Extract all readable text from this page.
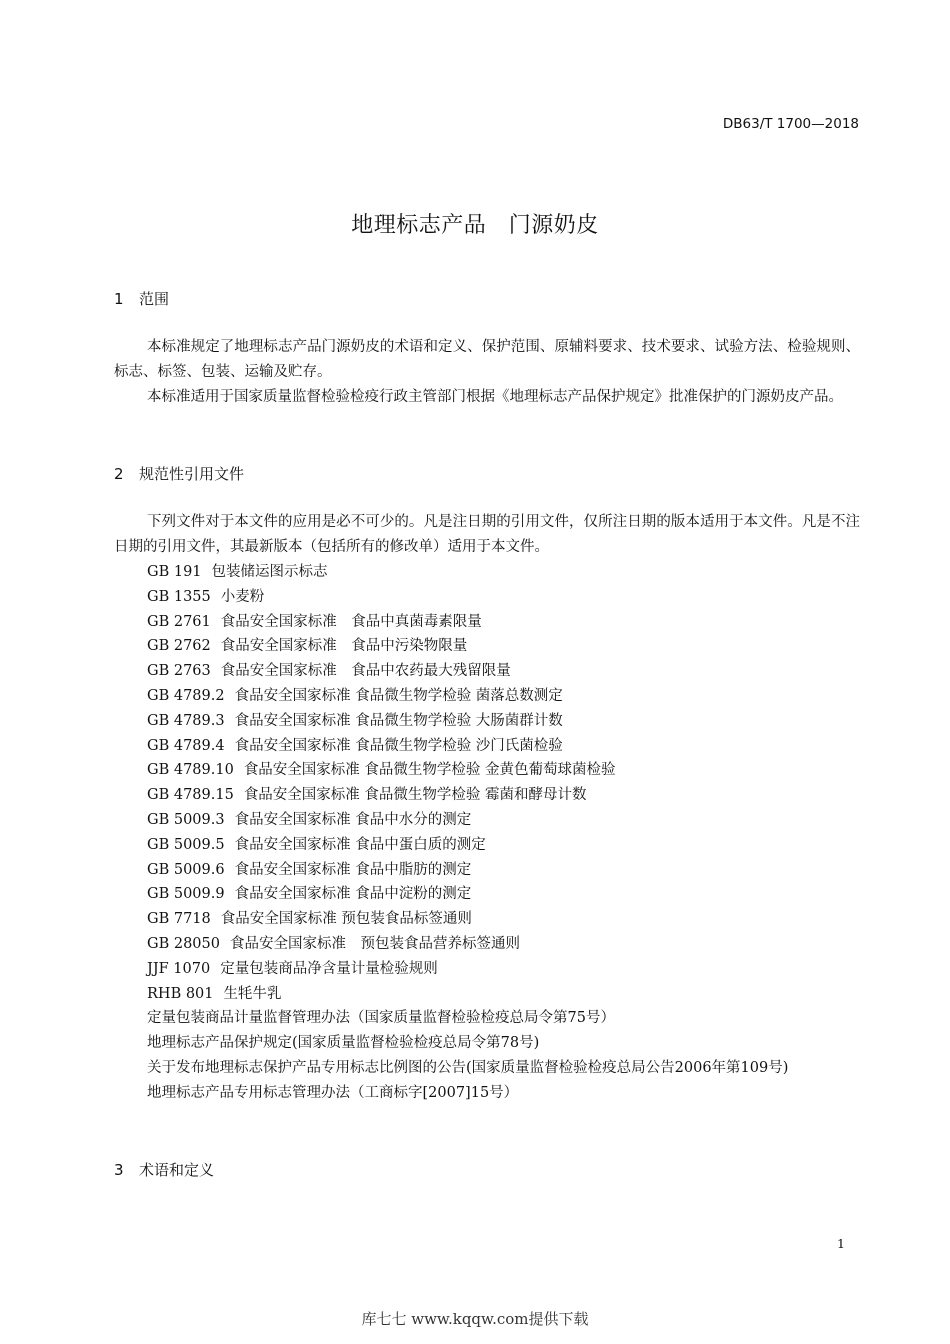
DB63/T 1700—2018
地理标志产品　门源奶皮
1 范围

本标准规定了地理标志产品门源奶皮的术语和定义、保护范围、原辅料要求、技术要求、试验方法、检验规则、标志、标签、包装、运输及贮存。

本标准适用于国家质量监督检验检疫行政主管部门根据《地理标志产品保护规定》批准保护的门源奶皮产品。

2 规范性引用文件

下列文件对于本文件的应用是必不可少的。凡是注日期的引用文件，仅所注日期的版本适用于本文件。凡是不注日期的引用文件，其最新版本（包括所有的修改单）适用于本文件。

GB 191 包装储运图示标志
GB 1355 小麦粉
GB 2761 食品安全国家标准　食品中真菌毒素限量
GB 2762 食品安全国家标准　食品中污染物限量
GB 2763 食品安全国家标准　食品中农药最大残留限量
GB 4789.2 食品安全国家标准 食品微生物学检验 菌落总数测定
GB 4789.3 食品安全国家标准 食品微生物学检验 大肠菌群计数
GB 4789.4 食品安全国家标准 食品微生物学检验 沙门氏菌检验
GB 4789.10 食品安全国家标准 食品微生物学检验 金黄色葡萄球菌检验
GB 4789.15 食品安全国家标准 食品微生物学检验 霉菌和酵母计数
GB 5009.3 食品安全国家标准 食品中水分的测定
GB 5009.5 食品安全国家标准 食品中蛋白质的测定
GB 5009.6 食品安全国家标准 食品中脂肪的测定
GB 5009.9 食品安全国家标准 食品中淀粉的测定
GB 7718 食品安全国家标准 预包装食品标签通则
GB 28050 食品安全国家标准　预包装食品营养标签通则
JJF 1070 定量包装商品净含量计量检验规则
RHB 801 生牦牛乳
定量包装商品计量监督管理办法（国家质量监督检验检疫总局令第75号）
地理标志产品保护规定(国家质量监督检验检疫总局令第78号)
关于发布地理标志保护产品专用标志比例图的公告(国家质量监督检验检疫总局公告2006年第109号)
地理标志产品专用标志管理办法（工商标字[2007]15号）
3 术语和定义
1
库七七 www.kqqw.com提供下载
